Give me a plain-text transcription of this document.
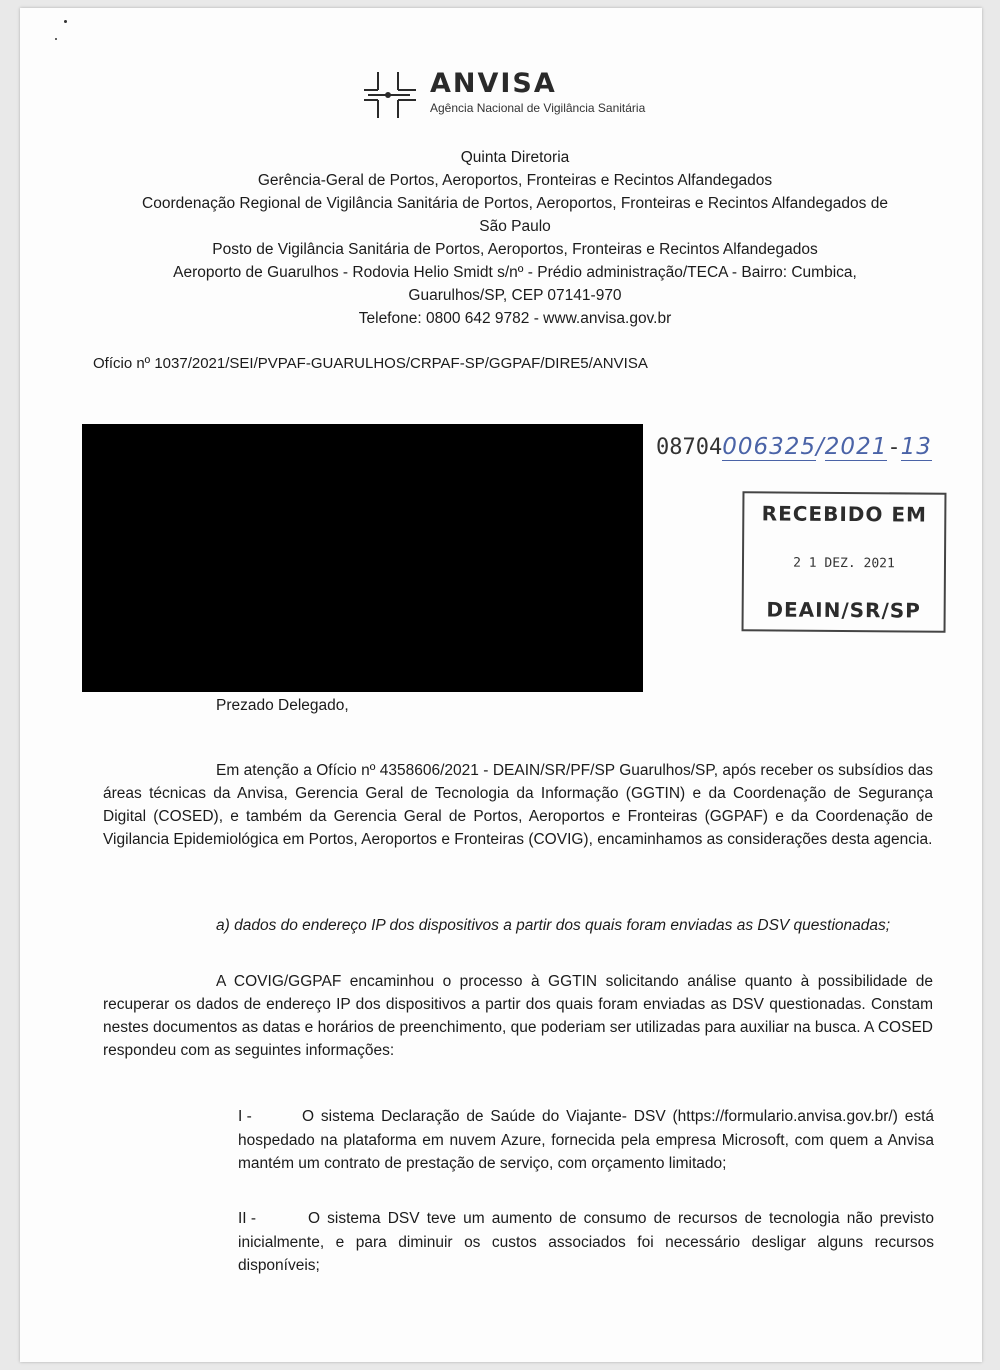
ANVISA
Agência Nacional de Vigilância Sanitária
Quinta Diretoria
Gerência-Geral de Portos, Aeroportos, Fronteiras e Recintos Alfandegados
Coordenação Regional de Vigilância Sanitária de Portos, Aeroportos, Fronteiras e Recintos Alfandegados de
São Paulo
Posto de Vigilância Sanitária de Portos, Aeroportos, Fronteiras e Recintos Alfandegados
Aeroporto de Guarulhos - Rodovia Helio Smidt s/nº - Prédio administração/TECA - Bairro: Cumbica,
Guarulhos/SP, CEP 07141-970
Telefone: 0800 642 9782 - www.anvisa.gov.br
Ofício nº 1037/2021/SEI/PVPAF-GUARULHOS/CRPAF-SP/GGPAF/DIRE5/ANVISA
08704006325/2021-13
RECEBIDO EM
2 1 DEZ. 2021
DEAIN/SR/SP
Prezado Delegado,
Em atenção a Ofício nº 4358606/2021 - DEAIN/SR/PF/SP Guarulhos/SP, após receber os subsídios das áreas técnicas da Anvisa, Gerencia Geral de Tecnologia da Informação (GGTIN) e da Coordenação de Segurança Digital (COSED), e também da Gerencia Geral de Portos, Aeroportos e Fronteiras (GGPAF) e da Coordenação de Vigilancia Epidemiológica em Portos, Aeroportos e Fronteiras (COVIG), encaminhamos as considerações desta agencia.
a) dados do endereço IP dos dispositivos a partir dos quais foram enviadas as DSV questionadas;
A COVIG/GGPAF encaminhou o processo à GGTIN solicitando análise quanto à possibilidade de recuperar os dados de endereço IP dos dispositivos a partir dos quais foram enviadas as DSV questionadas. Constam nestes documentos as datas e horários de preenchimento, que poderiam ser utilizadas para auxiliar na busca. A COSED respondeu com as seguintes informações:
I -	O sistema Declaração de Saúde do Viajante- DSV (https://formulario.anvisa.gov.br/) está hospedado na plataforma em nuvem Azure, fornecida pela empresa Microsoft, com quem a Anvisa mantém um contrato de prestação de serviço, com orçamento limitado;
II -	O sistema DSV teve um aumento de consumo de recursos de tecnologia não previsto inicialmente, e para diminuir os custos associados foi necessário desligar alguns recursos disponíveis;
